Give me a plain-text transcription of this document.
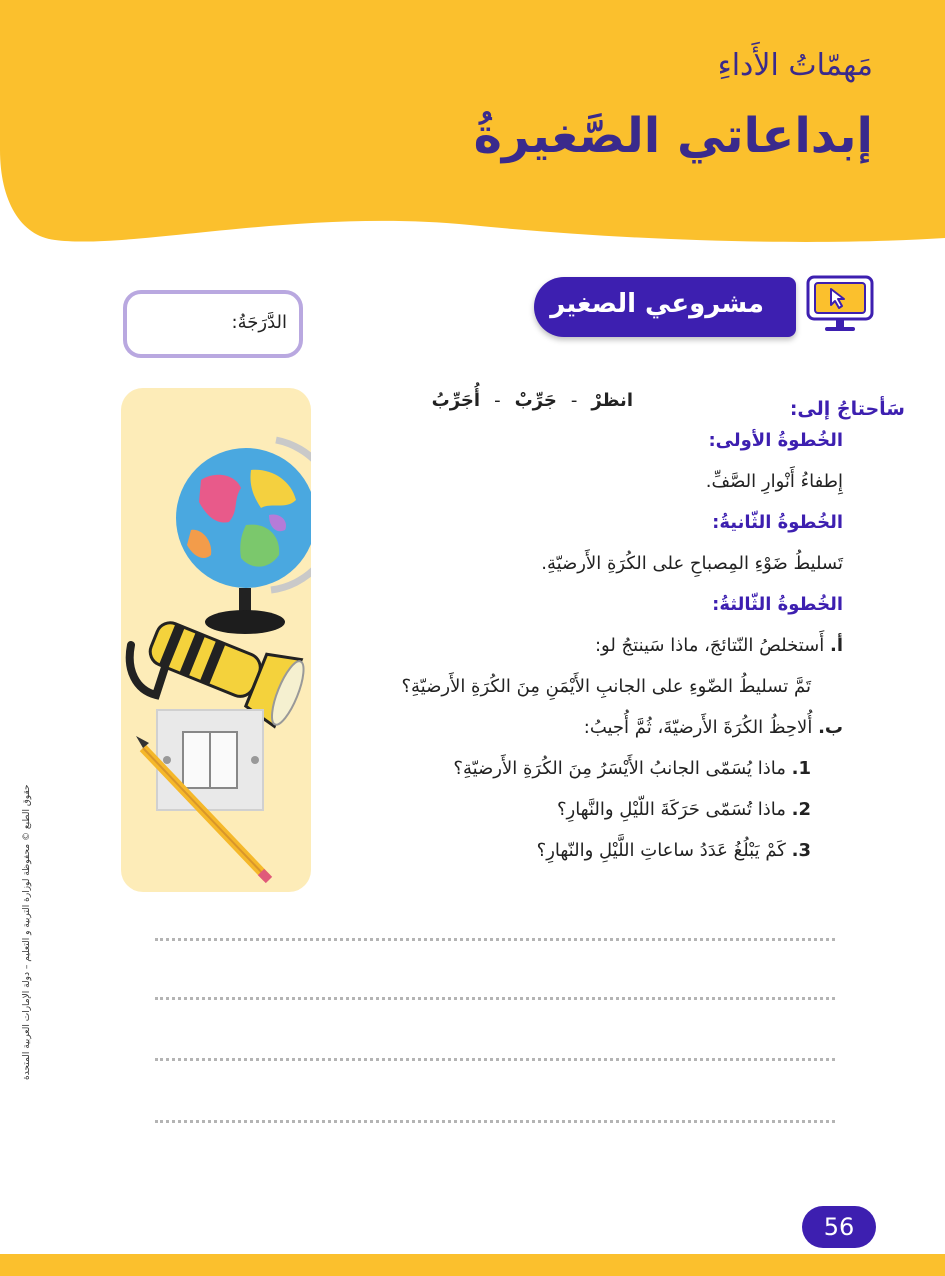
مَهمّاتُ الأَداءِ
إبداعاتي الصَّغيرةُ
مشروعي الصغير
الدَّرَجَةُ:
سَأحتاجُ إلى:
انظرْ-جَرِّبْ-أُجَرِّبُ
الخُطوةُ الأولى:
إِطفاءُ أَنْوارِ الصَّفِّ.
الخُطوةُ الثّانيةُ:
تَسليطُ ضَوْءِ المِصباحِ على الكُرَةِ الأَرضيّةِ.
الخُطوةُ الثّالثةُ:
أ. أَستخلصُ النّتائجَ، ماذا سَينتجُ لو:
تَمَّ تسليطُ الضّوءِ على الجانبِ الأَيْمَنِ مِنَ الكُرَةِ الأَرضيّةِ؟
ب. أُلاحِظُ الكُرَةَ الأَرضيّةَ، ثُمَّ أُجيبُ:
1. ماذا يُسَمّى الجانبُ الأَيْسَرُ مِنَ الكُرَةِ الأَرضيّةِ؟
2. ماذا تُسَمّى حَرَكَةَ اللّيْلِ والنَّهارِ؟
3. كَمْ يَبْلُغُ عَدَدُ ساعاتِ اللَّيْلِ والنّهارِ؟
حقوق الطبع © محفوظة لوزارة التربية و التعليم – دولة الإمارات العربية المتحدة
56
